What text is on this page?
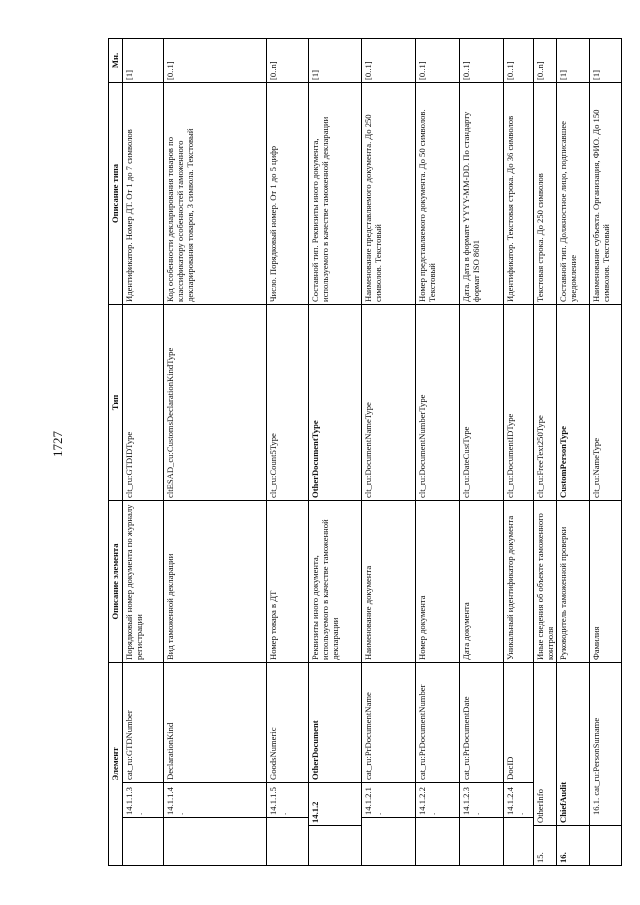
1727
Элемент				Описание элемента	Тип	Описание типа	Мн.
		14.1.1.3.	cat_ru:GTDNumber	Порядковый номер документа по журналу регистрации	clt_ru:GTDIDType	Идентификатор. Номер ДТ. От 1 до 7 символов	[1]
		14.1.1.4.	DeclarationKind	Вид таможенной декларации	cltESAD_cu:CustomsDeclarationKindType	Код особенности декларирования товаров по классификатору особенностей таможенного декларирования товаров, 3 символа. Текстовый	[0..1]
		14.1.1.5.	GoodsNumeric	Номер товара в ДТ	clt_ru:Count5Type	Число. Порядковый номер. От 1 до 5 цифр	[0..n]
	14.1.2		OtherDocument	Реквизиты иного документа, используемого в качестве таможенной декларации	OtherDocumentType	Составной тип. Реквизиты иного документа, используемого в качестве таможенной декларации	[1]
		14.1.2.1.	cat_ru:PrDocumentName	Наименование документа	clt_ru:DocumentNameType	Наименование представляемого документа. До 250 символов. Текстовый	[0..1]
		14.1.2.2.	cat_ru:PrDocumentNumber	Номер документа	clt_ru:DocumentNumberType	Номер представляемого документа. До 50 символов. Текстовый	[0..1]
		14.1.2.3.	cat_ru:PrDocumentDate	Дата документа	clt_ru:DateCustType	Дата. Дата в формате YYYY-MM-DD. По стандарту формат ISO 8601	[0..1]
		14.1.2.4.	DocID	Уникальный идентификатор документа	clt_ru:DocumentIDType	Идентификатор. Текстовая строка. До 36 символов	[0..1]
15.	OtherInfo			Иные сведения об объекте таможенного контроля	clt_ru:FreeText250Type	Текстовая строка. До 250 символов	[0..n]
16.	ChiefAudit			Руководитель таможенной проверки	CustomPersonType	Составной тип. Должностное лицо, подписавшее уведомление	[1]
	16.1. cat_ru:PersonSurname			Фамилия	clt_ru:NameType	Наименование субъекта. Организация, ФИО. До 150 символов. Текстовый	[1]
